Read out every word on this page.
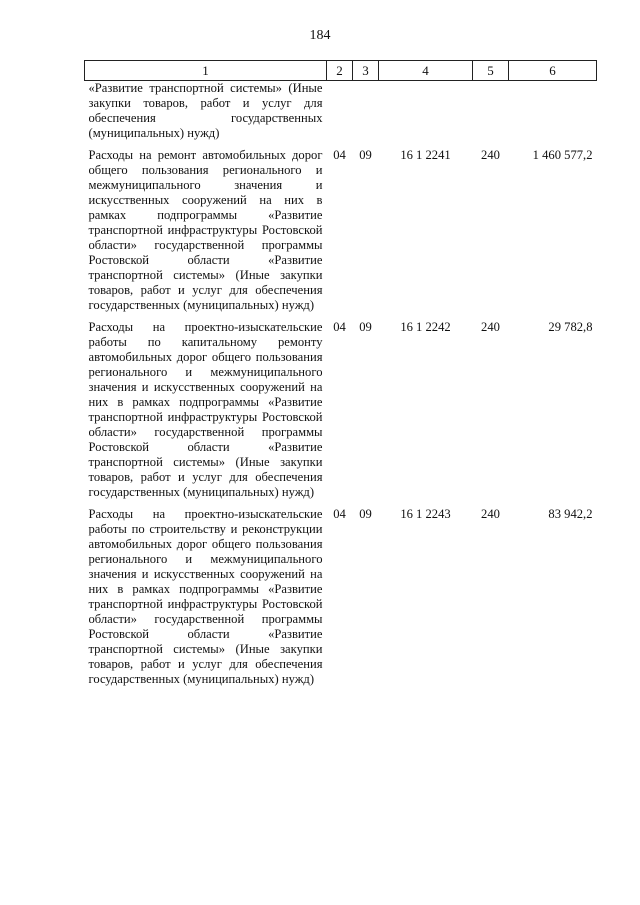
184
1	2	3	4	5	6
«Развитие транспортной системы» (Иные закупки товаров, работ и услуг для обеспечения государственных (муниципальных) нужд)					
Расходы на ремонт автомобильных дорог общего пользования регионального и межмуниципального значения и искусственных сооружений на них в рамках подпрограммы «Развитие транспортной инфраструктуры Ростовской области» государственной программы Ростовской области «Развитие транспортной системы» (Иные закупки товаров, работ и услуг для обеспечения государственных (муниципальных) нужд)	04	09	16 1 2241	240	1 460 577,2
Расходы на проектно-изыскательские работы по капитальному ремонту автомобильных дорог общего пользования регионального и межмуниципального значения и искусственных сооружений на них в рамках подпрограммы «Развитие транспортной инфраструктуры Ростовской области» государственной программы Ростовской области «Развитие транспортной системы» (Иные закупки товаров, работ и услуг для обеспечения государственных (муниципальных) нужд)	04	09	16 1 2242	240	29 782,8
Расходы на проектно-изыскательские работы по строительству и реконструкции автомобильных дорог общего пользования регионального и межмуниципального значения и искусственных сооружений на них в рамках подпрограммы «Развитие транспортной инфраструктуры Ростовской области» государственной программы Ростовской области «Развитие транспортной системы» (Иные закупки товаров, работ и услуг для обеспечения государственных (муниципальных) нужд)	04	09	16 1 2243	240	83 942,2
